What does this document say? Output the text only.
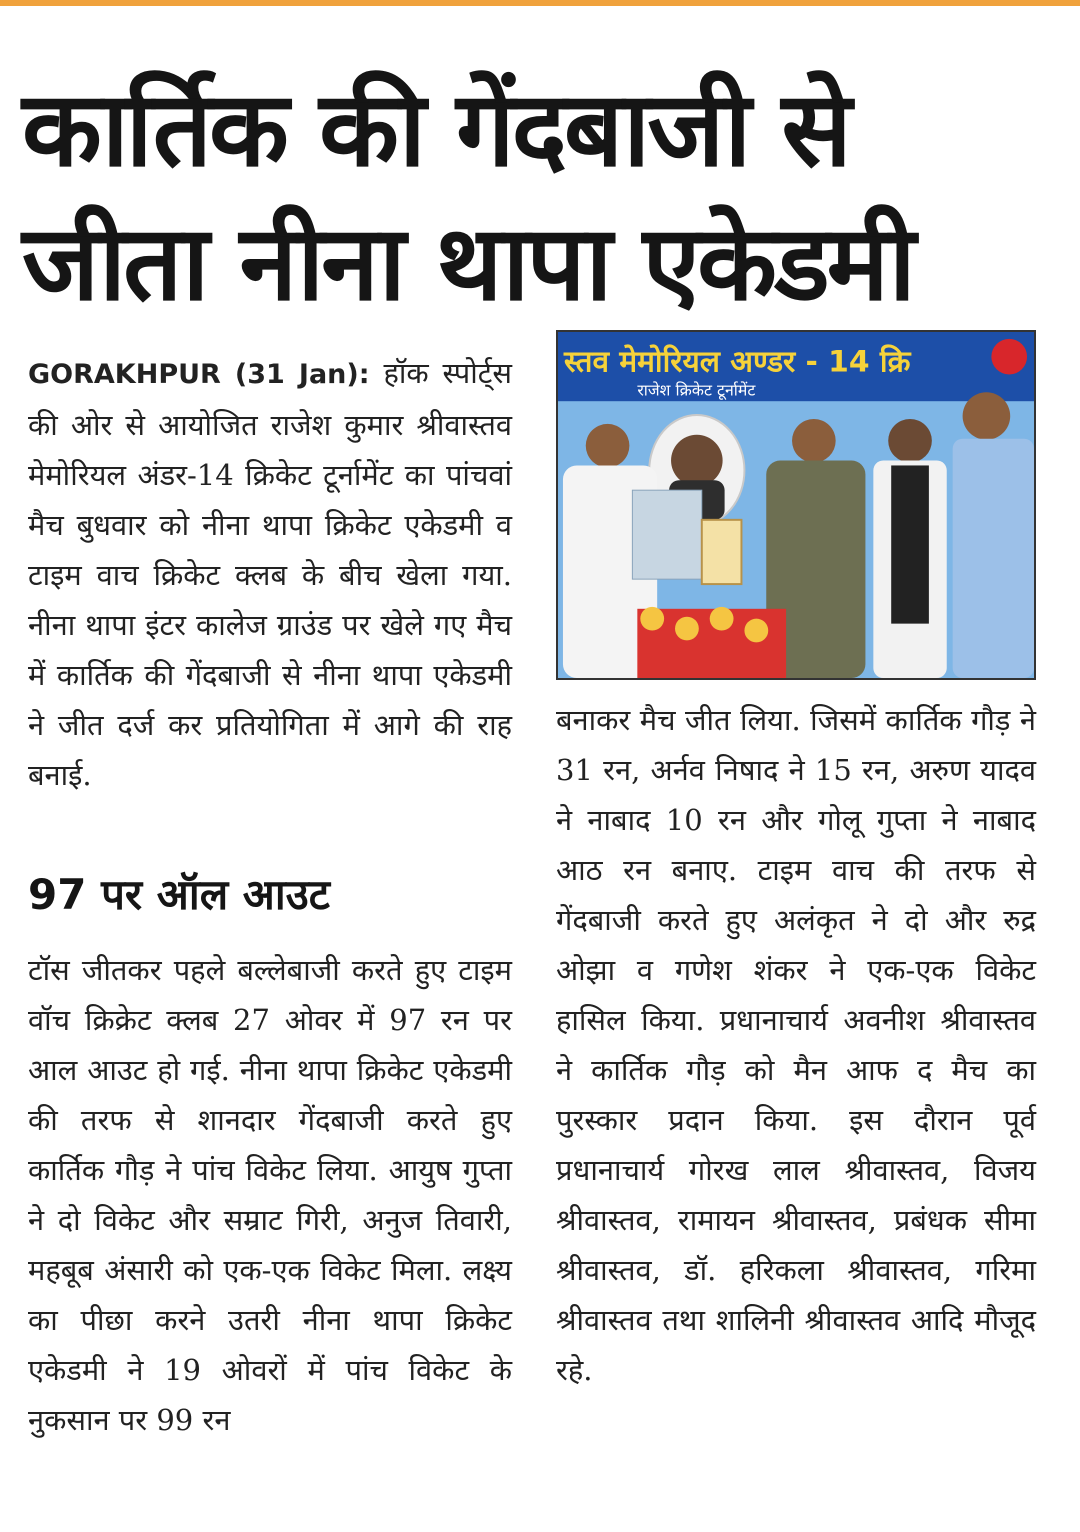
कार्तिक की गेंदबाजी से
जीता नीना थापा एकेडमी

GORAKHPUR (31 Jan): हॉक स्पोर्ट्स की ओर से आयोजित राजेश कुमार श्रीवास्तव मेमोरियल अंडर-14 क्रिकेट टूर्नामेंट का पांचवां मैच बुधवार को नीना थापा क्रिकेट एकेडमी व टाइम वाच क्रिकेट क्लब के बीच खेला गया. नीना थापा इंटर कालेज ग्राउंड पर खेले गए मैच में कार्तिक की गेंदबाजी से नीना थापा एकेडमी ने जीत दर्ज कर प्रतियोगिता में आगे की राह बनाई.

97 पर ऑल आउट

टॉस जीतकर पहले बल्लेबाजी करते हुए टाइम वॉच क्रिक्रेट क्लब 27 ओवर में 97 रन पर आल आउट हो गई. नीना थापा क्रिकेट एकेडमी की तरफ से शानदार गेंदबाजी करते हुए कार्तिक गौड़ ने पांच विकेट लिया. आयुष गुप्ता ने दो विकेट और सम्राट गिरी, अनुज तिवारी, महबूब अंसारी को एक-एक विकेट मिला. लक्ष्य का पीछा करने उतरी नीना थापा क्रिकेट एकेडमी ने 19 ओवरों में पांच विकेट के नुकसान पर 99 रन

स्तव मेमोरियल अण्डर - 14 क्रि
राजेश क्रिकेट टूर्नामेंट

बनाकर मैच जीत लिया. जिसमें कार्तिक गौड़ ने 31 रन, अर्नव निषाद ने 15 रन, अरुण यादव ने नाबाद 10 रन और गोलू गुप्ता ने नाबाद आठ रन बनाए. टाइम वाच की तरफ से गेंदबाजी करते हुए अलंकृत ने दो और रुद्र ओझा व गणेश शंकर ने एक-एक विकेट हासिल किया. प्रधानाचार्य अवनीश श्रीवास्तव ने कार्तिक गौड़ को मैन आफ द मैच का पुरस्कार प्रदान किया. इस दौरान पूर्व प्रधानाचार्य गोरख लाल श्रीवास्तव, विजय श्रीवास्तव, रामायन श्रीवास्तव, प्रबंधक सीमा श्रीवास्तव, डॉ. हरिकला श्रीवास्तव, गरिमा श्रीवास्तव तथा शालिनी श्रीवास्तव आदि मौजूद रहे.
